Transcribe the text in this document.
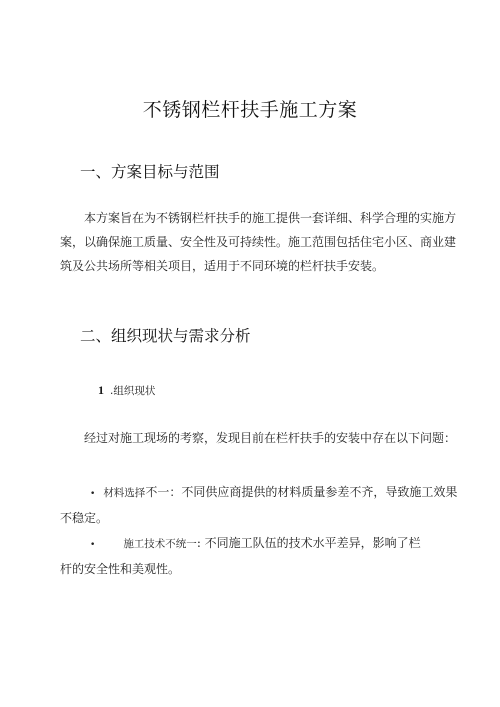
不锈钢栏杆扶手施工方案
一、方案目标与范围
本方案旨在为不锈钢栏杆扶手的施工提供一套详细、科学合理的实施方
案，以确保施工质量、安全性及可持续性。施工范围包括住宅小区、商业建
筑及公共场所等相关项目，适用于不同环境的栏杆扶手安装。
二、组织现状与需求分析
1 .组织现状
经过对施工现场的考察，发现目前在栏杆扶手的安装中存在以下问题：
• 材料选择不一：不同供应商提供的材料质量参差不齐，导致施工效果
不稳定。
•	施工技术不统一: 不同施工队伍的技术水平差异，影响了栏
杆的安全性和美观性。
